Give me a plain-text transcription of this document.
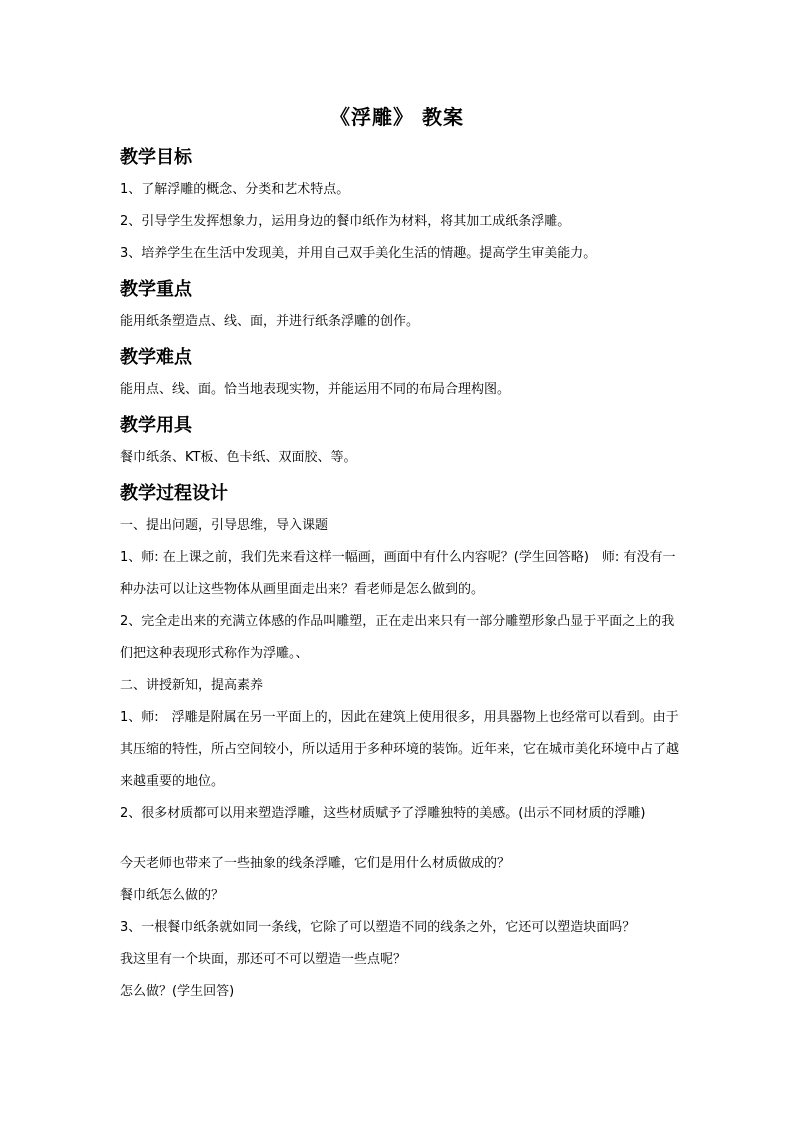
《浮雕》 教案
教学目标

1、了解浮雕的概念、分类和艺术特点。

2、引导学生发挥想象力，运用身边的餐巾纸作为材料，将其加工成纸条浮雕。

3、培养学生在生活中发现美，并用自己双手美化生活的情趣。提高学生审美能力。

教学重点

能用纸条塑造点、线、面，并进行纸条浮雕的创作。

教学难点

能用点、线、面。恰当地表现实物，并能运用不同的布局合理构图。

教学用具

餐巾纸条、KT板、色卡纸、双面胶、等。

教学过程设计

一、提出问题，引导思维，导入课题

1、师: 在上课之前，我们先来看这样一幅画，画面中有什么内容呢？(学生回答略)　师: 有没有一种办法可以让这些物体从画里面走出来？看老师是怎么做到的。

2、完全走出来的充满立体感的作品叫雕塑，正在走出来只有一部分雕塑形象凸显于平面之上的我们把这种表现形式称作为浮雕。、

二、讲授新知，提高素养

1、师:　浮雕是附属在另一平面上的，因此在建筑上使用很多，用具器物上也经常可以看到。由于其压缩的特性，所占空间较小，所以适用于多种环境的装饰。近年来，它在城市美化环境中占了越来越重要的地位。

2、很多材质都可以用来塑造浮雕，这些材质赋予了浮雕独特的美感。(出示不同材质的浮雕)

今天老师也带来了一些抽象的线条浮雕，它们是用什么材质做成的？

餐巾纸怎么做的？

3、一根餐巾纸条就如同一条线，它除了可以塑造不同的线条之外，它还可以塑造块面吗？

我这里有一个块面，那还可不可以塑造一些点呢？

怎么做？(学生回答)
